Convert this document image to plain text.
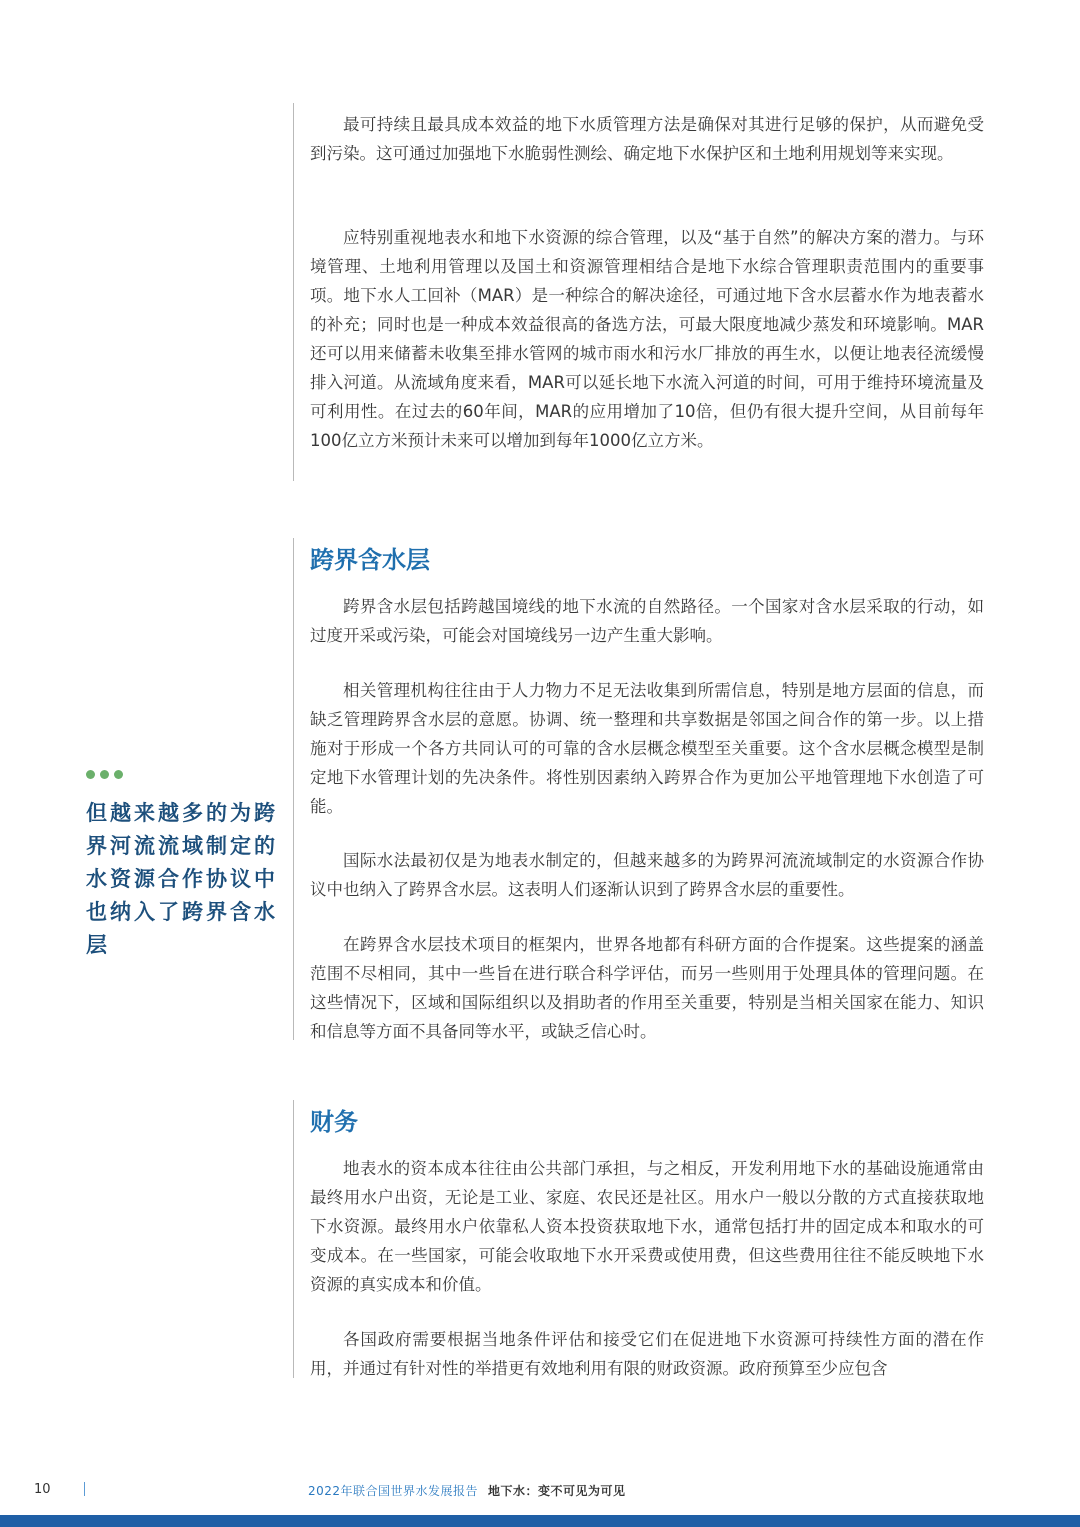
最可持续且最具成本效益的地下水质管理方法是确保对其进行足够的保护，从而避免受到污染。这可通过加强地下水脆弱性测绘、确定地下水保护区和土地利用规划等来实现。

应特别重视地表水和地下水资源的综合管理，以及“基于自然”的解决方案的潜力。与环境管理、土地利用管理以及国土和资源管理相结合是地下水综合管理职责范围内的重要事项。地下水人工回补（MAR）是一种综合的解决途径，可通过地下含水层蓄水作为地表蓄水的补充；同时也是一种成本效益很高的备选方法，可最大限度地减少蒸发和环境影响。MAR还可以用来储蓄未收集至排水管网的城市雨水和污水厂排放的再生水，以便让地表径流缓慢排入河道。从流域角度来看，MAR可以延长地下水流入河道的时间，可用于维持环境流量及可利用性。在过去的60年间，MAR的应用增加了10倍，但仍有很大提升空间，从目前每年100亿立方米预计未来可以增加到每年1000亿立方米。

跨界含水层

跨界含水层包括跨越国境线的地下水流的自然路径。一个国家对含水层采取的行动，如过度开采或污染，可能会对国境线另一边产生重大影响。

相关管理机构往往由于人力物力不足无法收集到所需信息，特别是地方层面的信息，而缺乏管理跨界含水层的意愿。协调、统一整理和共享数据是邻国之间合作的第一步。以上措施对于形成一个各方共同认可的可靠的含水层概念模型至关重要。这个含水层概念模型是制定地下水管理计划的先决条件。将性别因素纳入跨界合作为更加公平地管理地下水创造了可能。

国际水法最初仅是为地表水制定的，但越来越多的为跨界河流流域制定的水资源合作协议中也纳入了跨界含水层。这表明人们逐渐认识到了跨界含水层的重要性。

在跨界含水层技术项目的框架内，世界各地都有科研方面的合作提案。这些提案的涵盖范围不尽相同，其中一些旨在进行联合科学评估，而另一些则用于处理具体的管理问题。在这些情况下，区域和国际组织以及捐助者的作用至关重要，特别是当相关国家在能力、知识和信息等方面不具备同等水平，或缺乏信心时。

财务

地表水的资本成本往往由公共部门承担，与之相反，开发利用地下水的基础设施通常由最终用水户出资，无论是工业、家庭、农民还是社区。用水户一般以分散的方式直接获取地下水资源。最终用水户依靠私人资本投资获取地下水，通常包括打井的固定成本和取水的可变成本。在一些国家，可能会收取地下水开采费或使用费，但这些费用往往不能反映地下水资源的真实成本和价值。

各国政府需要根据当地条件评估和接受它们在促进地下水资源可持续性方面的潜在作用，并通过有针对性的举措更有效地利用有限的财政资源。政府预算至少应包含

但越来越多的为跨界河流流域制定的水资源合作协议中也纳入了跨界含水层

10	2022年联合国世界水发展报告 地下水：变不可见为可见
